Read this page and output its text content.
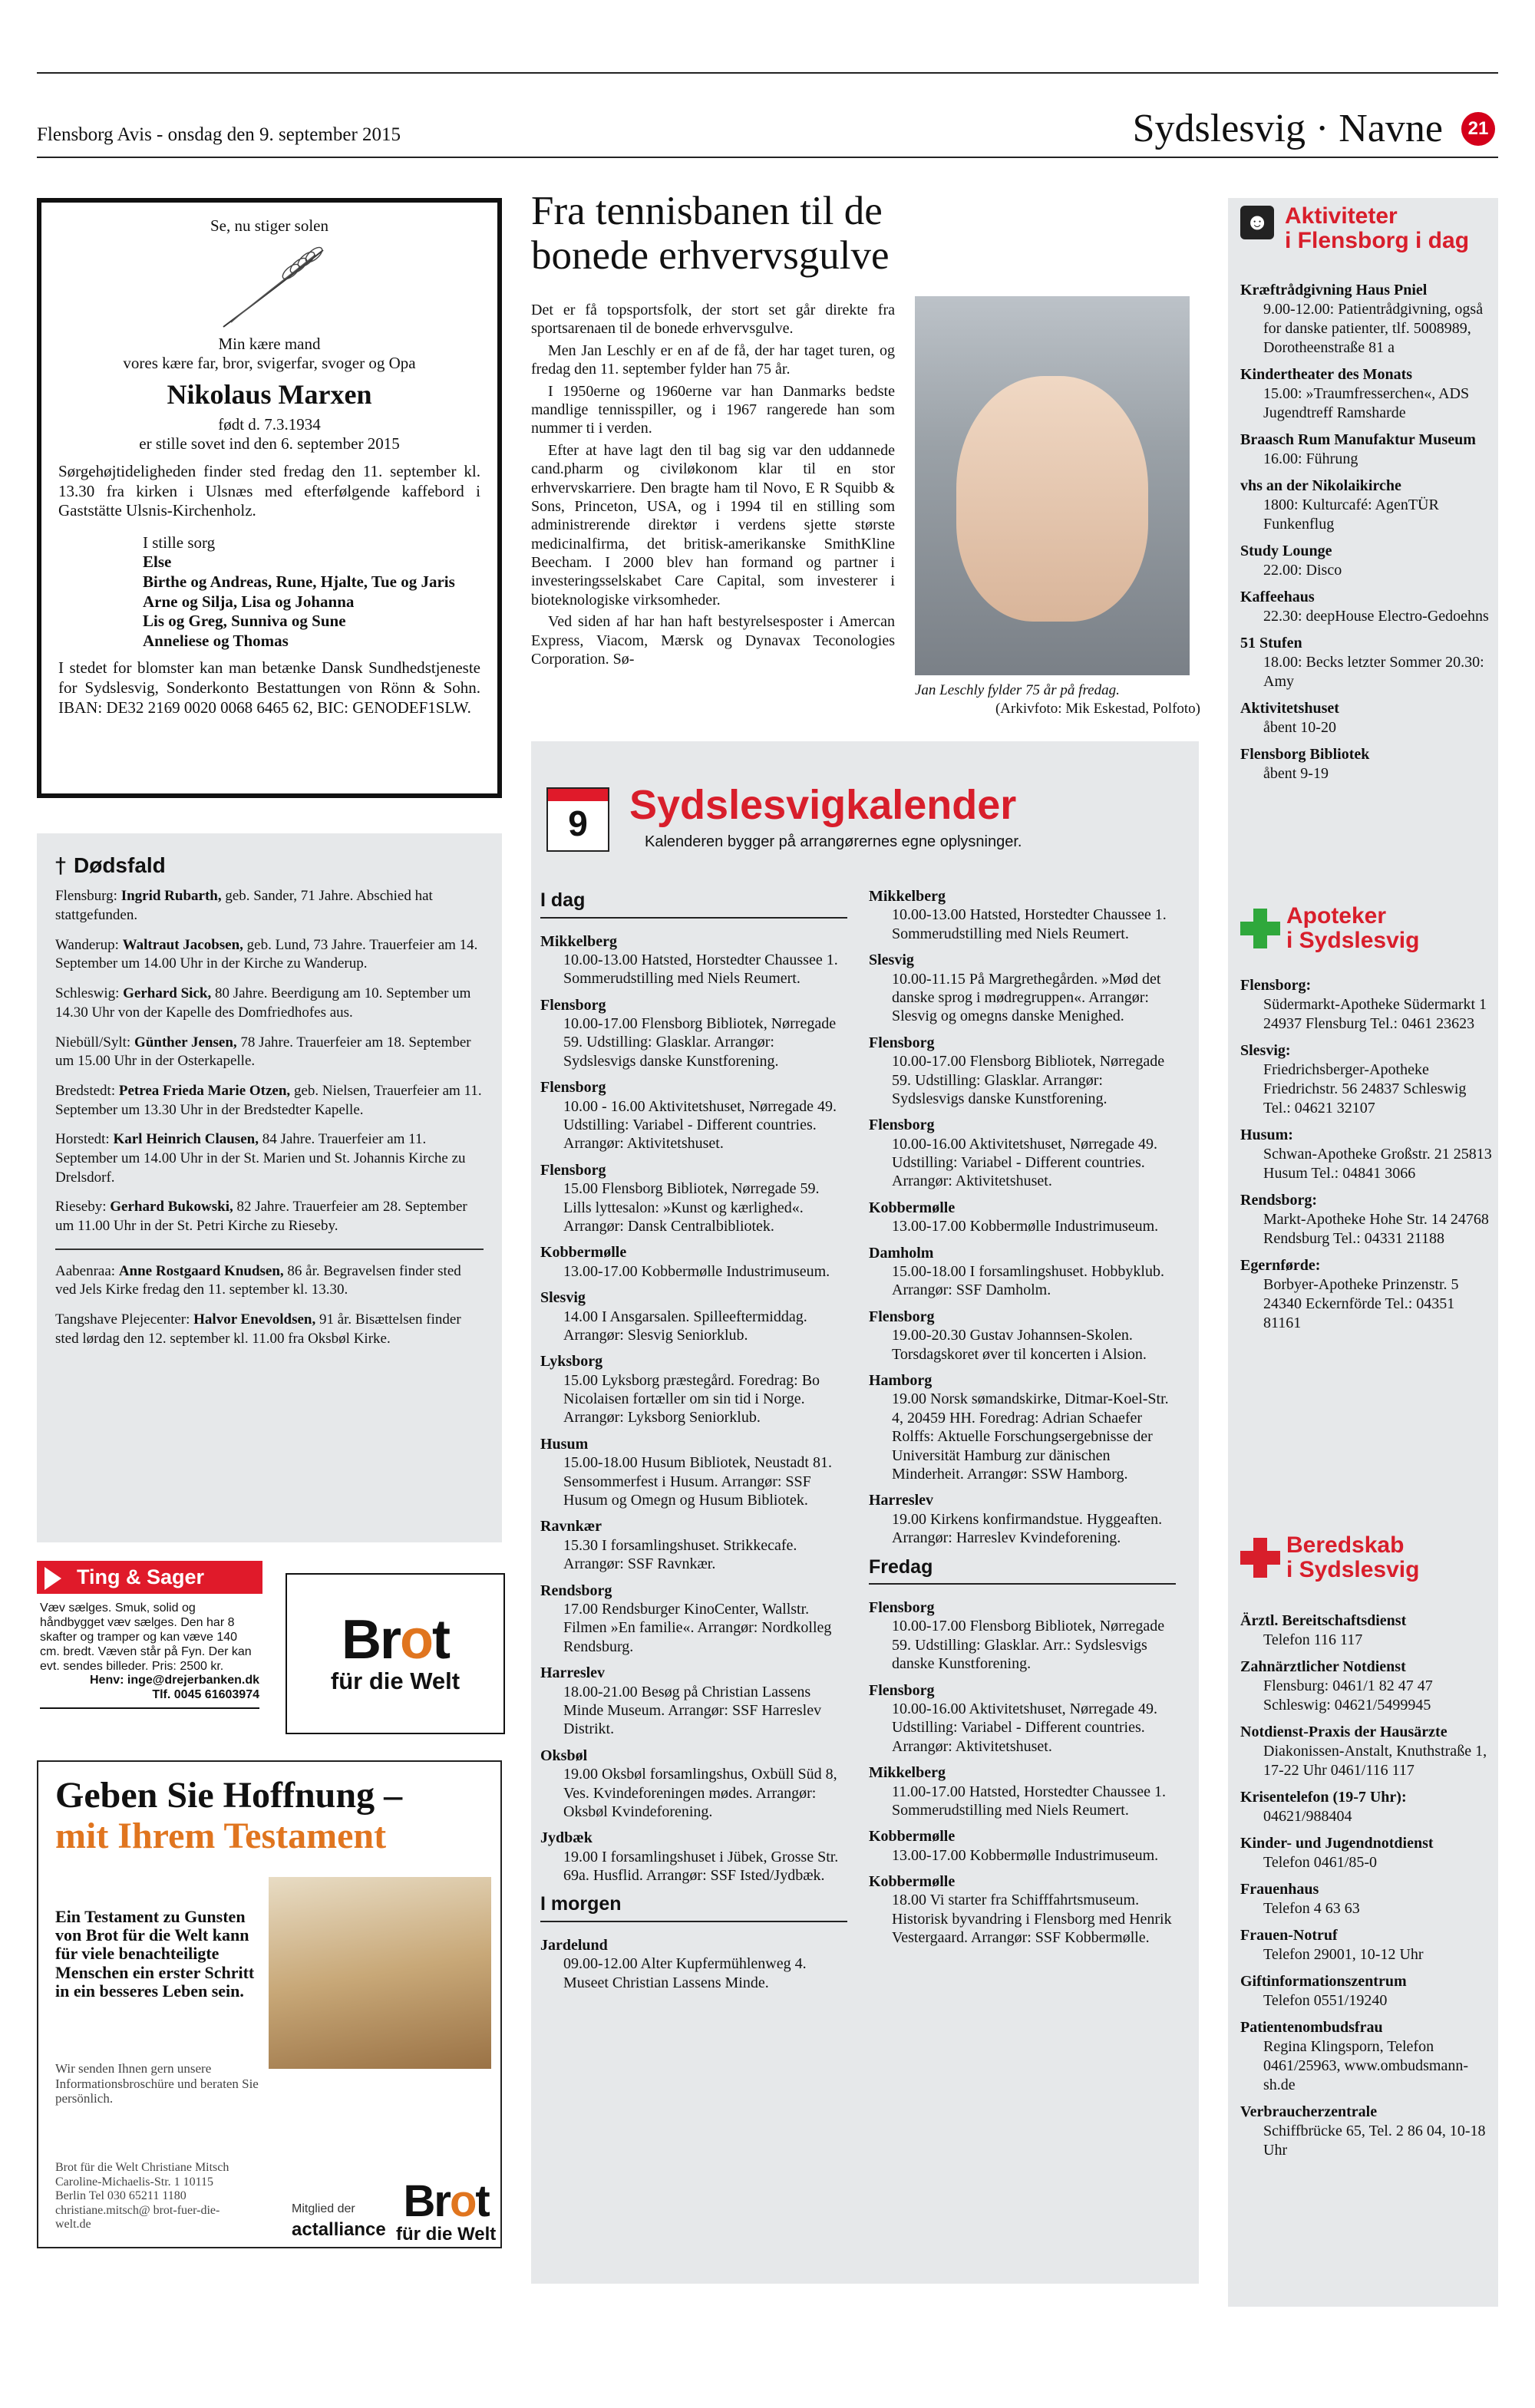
Flensborg Avis - onsdag den 9. september 2015	Sydslesvig · Navne	21
Se, nu stiger solen
Min kære mand
vores kære far, bror, svigerfar, svoger og Opa
Nikolaus Marxen
født d. 7.3.1934
er stille sovet ind den 6. september 2015

Sørgehøjtideligheden finder sted fredag den 11. september kl. 13.30 fra kirken i Ulsnæs med efterfølgende kaffebord i Gaststätte Ulsnis-Kirchenholz.

I stille sorg
Else
Birthe og Andreas, Rune, Hjalte, Tue og Jaris
Arne og Silja, Lisa og Johanna
Lis og Greg, Sunniva og Sune
Anneliese og Thomas

I stedet for blomster kan man betænke Dansk Sundhedstjeneste for Sydslesvig, Sonderkonto Bestattungen von Rönn & Sohn. IBAN: DE32 2169 0020 0068 6465 62, BIC: GENODEF1SLW.

† Dødsfald
Flensburg: Ingrid Rubarth, geb. Sander, 71 Jahre. Abschied hat stattgefunden.
Wanderup: Waltraut Jacobsen, geb. Lund, 73 Jahre. Trauerfeier am 14. September um 14.00 Uhr in der Kirche zu Wanderup.
Schleswig: Gerhard Sick, 80 Jahre. Beerdigung am 10. September um 14.30 Uhr von der Kapelle des Domfriedhofes aus.
Niebüll/Sylt: Günther Jensen, 78 Jahre. Trauerfeier am 18. September um 15.00 Uhr in der Osterkapelle.
Bredstedt: Petrea Frieda Marie Otzen, geb. Nielsen, Trauerfeier am 11. September um 13.30 Uhr in der Bredstedter Kapelle.
Horstedt: Karl Heinrich Clausen, 84 Jahre. Trauerfeier am 11. September um 14.00 Uhr in der St. Marien und St. Johannis Kirche zu Drelsdorf.
Rieseby: Gerhard Bukowski, 82 Jahre. Trauerfeier am 28. September um 11.00 Uhr in der St. Petri Kirche zu Rieseby.
Aabenraa: Anne Rostgaard Knudsen, 86 år. Begravelsen finder sted ved Jels Kirke fredag den 11. september kl. 13.30.
Tangshave Plejecenter: Halvor Enevoldsen, 91 år. Bisættelsen finder sted lørdag den 12. september kl. 11.00 fra Oksbøl Kirke.
Ting & Sager
Væv sælges. Smuk, solid og håndbygget væv sælges. Den har 8 skafter og tramper og kan væve 140 cm. bredt. Væven står på Fyn. Der kan evt. sendes billeder. Pris: 2500 kr.
Henv: inge@drejerbanken.dk
Tlf. 0045 61603974
Brot
für die Welt
Geben Sie Hoffnung –
mit Ihrem Testament
Ein Testament zu Gunsten von Brot für die Welt kann für viele benachteiligte Menschen ein erster Schritt in ein besseres Leben sein.
Wir senden Ihnen gern unsere Informationsbroschüre und beraten Sie persönlich.
Brot für die Welt Christiane Mitsch Caroline-Michaelis-Str. 1 10115 Berlin Tel 030 65211 1180 christiane.mitsch@ brot-fuer-die-welt.de
Mitglied der
actalliance
Brot
für die Welt
Fra tennisbanen til de bonede erhvervsgulve

Det er få topsportsfolk, der stort set går direkte fra sportsarenaen til de bonede erhvervsgulve.

Men Jan Leschly er en af de få, der har taget turen, og fredag den 11. september fylder han 75 år.

I 1950erne og 1960erne var han Danmarks bedste mandlige tennisspiller, og i 1967 rangerede han som nummer ti i verden.

Efter at have lagt den til bag sig var den uddannede cand.pharm og civiløkonom klar til en stor erhvervskarriere. Den bragte ham til Novo, E R Squibb & Sons, Princeton, USA, og i 1994 til en stilling som administrerende direktør i verdens sjette største medicinalfirma, det britisk-amerikanske SmithKline Beecham. I 2000 blev han formand og partner i investeringsselskabet Care Capital, som investerer i bioteknologiske virksomheder.

Ved siden af har han haft bestyrelsesposter i Amercan Express, Viacom, Mærsk og Dynavax Teconologies Corporation. Sø-

Jan Leschly fylder 75 år på fredag.

(Arkivfoto: Mik Eskestad, Polfoto)
9	Sydslesvigkalender
Kalenderen bygger på arrangørernes egne oplysninger.
I dag
Mikkelberg
10.00-13.00 Hatsted, Horstedter Chaussee 1. Sommerudstilling med Niels Reumert.
Flensborg
10.00-17.00 Flensborg Bibliotek, Nørregade 59. Udstilling: Glasklar. Arrangør: Sydslesvigs danske Kunstforening.
Flensborg
10.00 - 16.00 Aktivitetshuset, Nørregade 49. Udstilling: Variabel - Different countries. Arrangør: Aktivitetshuset.
Flensborg
15.00 Flensborg Bibliotek, Nørregade 59. Lills lyttesalon: »Kunst og kærlighed«. Arrangør: Dansk Centralbibliotek.
Kobbermølle
13.00-17.00 Kobbermølle Industrimuseum.
Slesvig
14.00 I Ansgarsalen. Spilleeftermiddag. Arrangør: Slesvig Seniorklub.
Lyksborg
15.00 Lyksborg præstegård. Foredrag: Bo Nicolaisen fortæller om sin tid i Norge. Arrangør: Lyksborg Seniorklub.
Husum
15.00-18.00 Husum Bibliotek, Neustadt 81. Sensommerfest i Husum. Arrangør: SSF Husum og Omegn og Husum Bibliotek.
Ravnkær
15.30 I forsamlingshuset. Strikkecafe. Arrangør: SSF Ravnkær.
Rendsborg
17.00 Rendsburger KinoCenter, Wallstr. Filmen »En familie«. Arrangør: Nordkolleg Rendsburg.
Harreslev
18.00-21.00 Besøg på Christian Lassens Minde Museum. Arrangør: SSF Harreslev Distrikt.
Oksbøl
19.00 Oksbøl forsamlingshus, Oxbüll Süd 8, Ves. Kvindeforeningen mødes. Arrangør: Oksbøl Kvindeforening.
Jydbæk
19.00 I forsamlingshuset i Jübek, Grosse Str. 69a. Husflid. Arrangør: SSF Isted/Jydbæk.
I morgen
Jardelund
09.00-12.00 Alter Kupfermühlenweg 4. Museet Christian Lassens Minde.
Mikkelberg
10.00-13.00 Hatsted, Horstedter Chaussee 1. Sommerudstilling med Niels Reumert.
Slesvig
10.00-11.15 På Margrethegården. »Mød det danske sprog i mødregruppen«. Arrangør: Slesvig og omegns danske Menighed.
Flensborg
10.00-17.00 Flensborg Bibliotek, Nørregade 59. Udstilling: Glasklar. Arrangør: Sydslesvigs danske Kunstforening.
Flensborg
10.00-16.00 Aktivitetshuset, Nørregade 49. Udstilling: Variabel - Different countries. Arrangør: Aktivitetshuset.
Kobbermølle
13.00-17.00 Kobbermølle Industrimuseum.
Damholm
15.00-18.00 I forsamlingshuset. Hobbyklub. Arrangør: SSF Damholm.
Flensborg
19.00-20.30 Gustav Johannsen-Skolen. Torsdagskoret øver til koncerten i Alsion.
Hamborg
19.00 Norsk sømandskirke, Ditmar-Koel-Str. 4, 20459 HH. Foredrag: Adrian Schaefer Rolffs: Aktuelle Forschungsergebnisse der Universität Hamburg zur dänischen Minderheit. Arrangør: SSW Hamborg.
Harreslev
19.00 Kirkens konfirmandstue. Hyggeaften. Arrangør: Harreslev Kvindeforening.
Fredag
Flensborg
10.00-17.00 Flensborg Bibliotek, Nørregade 59. Udstilling: Glasklar. Arr.: Sydslesvigs danske Kunstforening.
Flensborg
10.00-16.00 Aktivitetshuset, Nørregade 49. Udstilling: Variabel - Different countries. Arrangør: Aktivitetshuset.
Mikkelberg
11.00-17.00 Hatsted, Horstedter Chaussee 1. Sommerudstilling med Niels Reumert.
Kobbermølle
13.00-17.00 Kobbermølle Industrimuseum.
Kobbermølle
18.00 Vi starter fra Schifffahrtsmuseum. Historisk byvandring i Flensborg med Henrik Vestergaard. Arrangør: SSF Kobbermølle.
☻ Aktiviteter
i Flensborg i dag
Kræftrådgivning Haus Pniel
9.00-12.00: Patientrådgivning, også for danske patienter, tlf. 5008989, Dorotheenstraße 81 a
Kindertheater des Monats
15.00: »Traumfresserchen«, ADS Jugendtreff Ramsharde
Braasch Rum Manufaktur Museum
16.00: Führung
vhs an der Nikolaikirche
1800: Kulturcafé: AgenTÜR Funkenflug
Study Lounge
22.00: Disco
Kaffeehaus
22.30: deepHouse Electro-Gedoehns
51 Stufen
18.00: Becks letzter Sommer 20.30: Amy
Aktivitetshuset
åbent 10-20
Flensborg Bibliotek
åbent 9-19
Apoteker
i Sydslesvig
Flensborg:
Südermarkt-Apotheke Südermarkt 1 24937 Flensburg Tel.: 0461 23623
Slesvig:
Friedrichsberger-Apotheke Friedrichstr. 56 24837 Schleswig Tel.: 04621 32107
Husum:
Schwan-Apotheke Großstr. 21 25813 Husum Tel.: 04841 3066
Rendsborg:
Markt-Apotheke Hohe Str. 14 24768 Rendsburg Tel.: 04331 21188
Egernførde:
Borbyer-Apotheke Prinzenstr. 5 24340 Eckernförde Tel.: 04351 81161
Beredskab
i Sydslesvig
Ärztl. Bereitschaftsdienst
Telefon 116 117
Zahnärztlicher Notdienst
Flensburg: 0461/1 82 47 47 Schleswig: 04621/5499945
Notdienst-Praxis der Hausärzte
Diakonissen-Anstalt, Knuthstraße 1, 17-22 Uhr 0461/116 117
Krisentelefon (19-7 Uhr):
04621/988404
Kinder- und Jugendnotdienst
Telefon 0461/85-0
Frauenhaus
Telefon 4 63 63
Frauen-Notruf
Telefon 29001, 10-12 Uhr
Giftinformationszentrum
Telefon 0551/19240
Patientenombudsfrau
Regina Klingsporn, Telefon 0461/25963, www.ombudsmann-sh.de
Verbraucherzentrale
Schiffbrücke 65, Tel. 2 86 04, 10-18 Uhr
